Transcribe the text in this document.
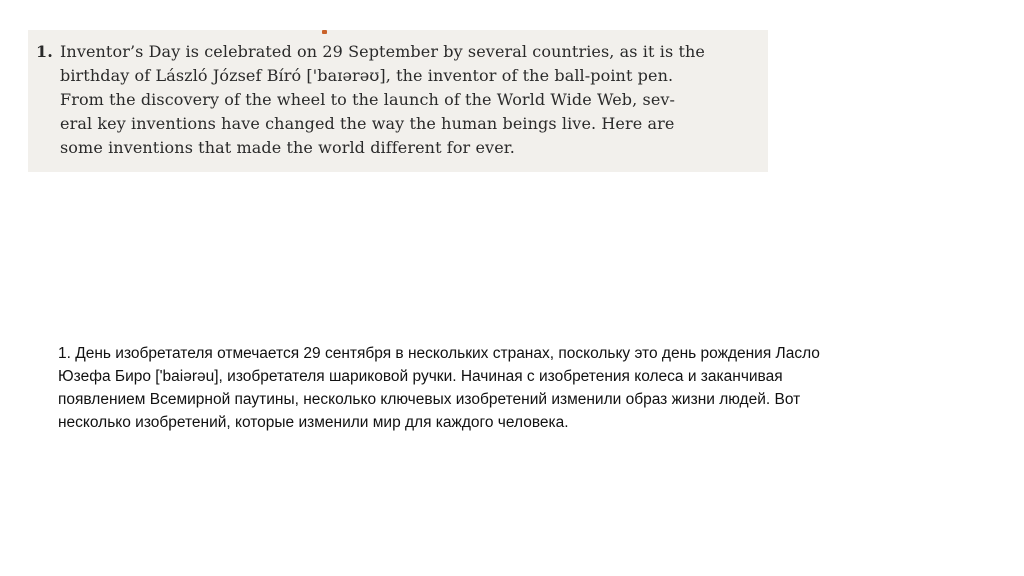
1. Inventor’s Day is celebrated on 29 September by several countries, as it is the
birthday of László József Bíró ['baɪərəʊ], the inventor of the ball-point pen.
From the discovery of the wheel to the launch of the World Wide Web, sev-
eral key inventions have changed the way the human beings live. Here are
some inventions that made the world different for ever.

1. День изобретателя отмечается 29 сентября в нескольких странах, поскольку это день рождения Ласло
Юзефа Биро ['baiərəu], изобретателя шариковой ручки. Начиная с изобретения колеса и заканчивая
появлением Всемирной паутины, несколько ключевых изобретений изменили образ жизни людей. Вот
несколько изобретений, которые изменили мир для каждого человека.
